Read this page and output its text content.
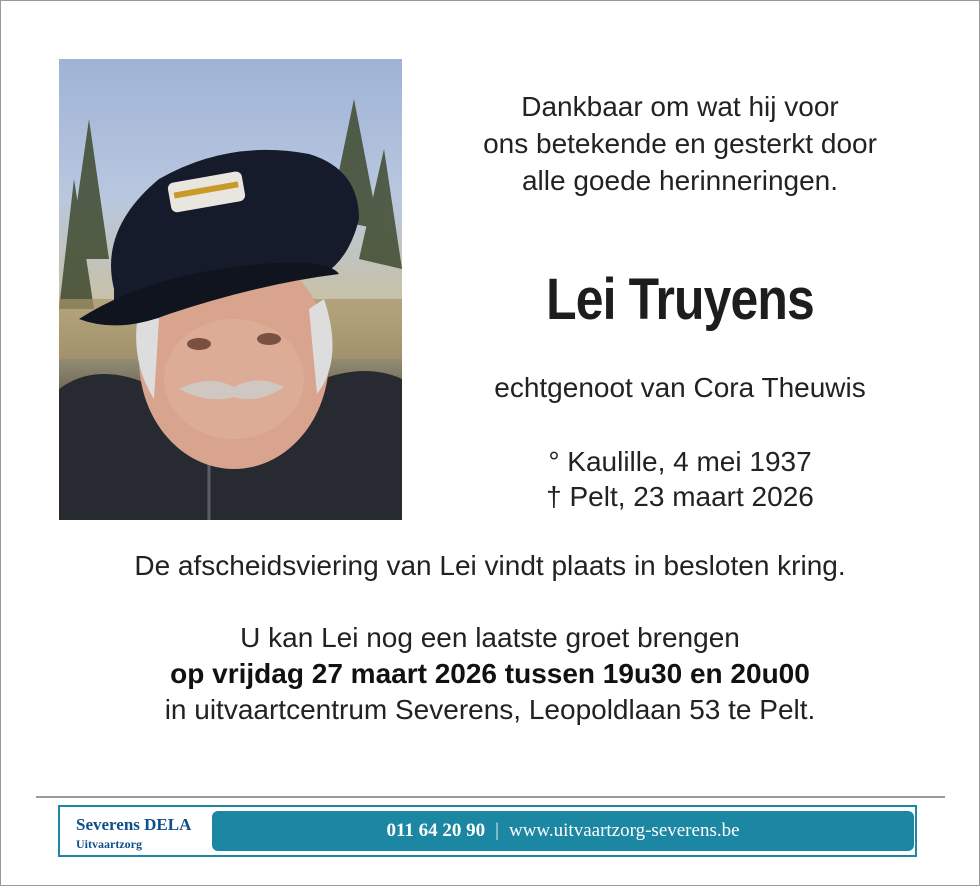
Dankbaar om wat hij voor
ons betekende en gesterkt door
alle goede herinneringen.
Lei Truyens
echtgenoot van Cora Theuwis
° Kaulille, 4 mei 1937
† Pelt, 23 maart 2026
De afscheidsviering van Lei vindt plaats in besloten kring.
U kan Lei nog een laatste groet brengen
op vrijdag 27 maart 2026 tussen 19u30 en 20u00
in uitvaartcentrum Severens, Leopoldlaan 53 te Pelt.
Severens DELA
Uitvaartzorg
011 64 20 90 | www.uitvaartzorg-severens.be
